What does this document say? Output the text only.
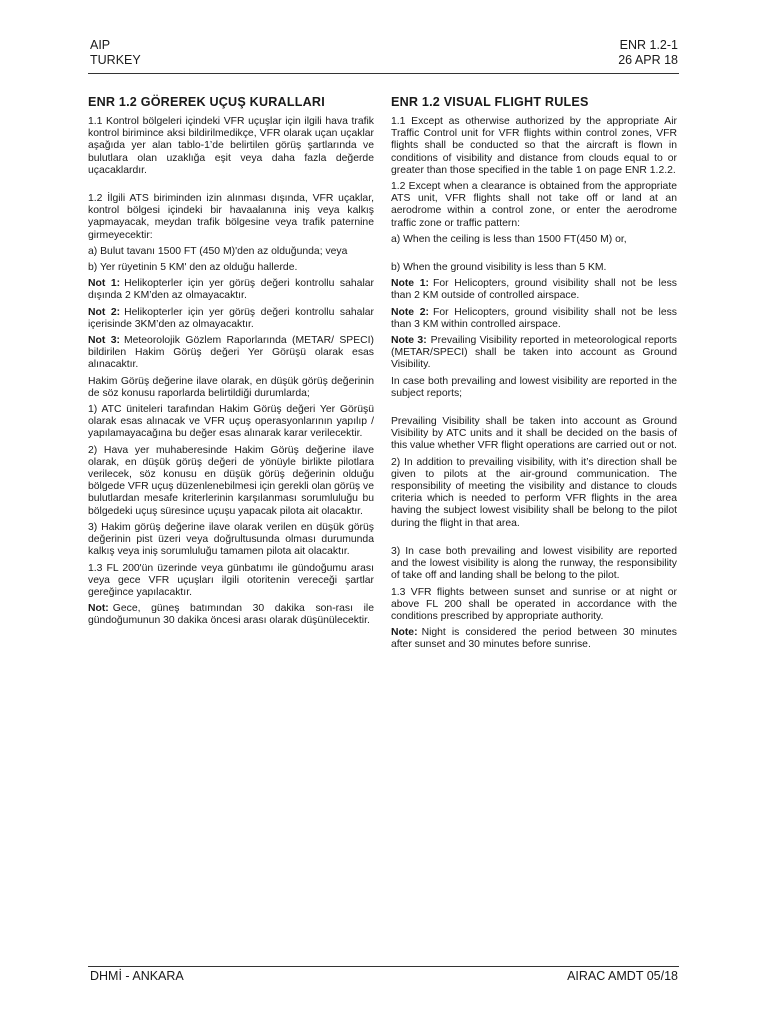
AIP
TURKEY
ENR 1.2-1
26 APR 18
ENR 1.2 GÖREREK UÇUŞ KURALLARI

1.1 Kontrol bölgeleri içindeki VFR uçuşlar için ilgili hava trafik kontrol birimince aksi bildirilmedikçe, VFR olarak uçan uçaklar aşağıda yer alan tablo-1’de belirtilen görüş şartlarında ve bulutlara olan uzaklığa eşit veya daha fazla değerde uçacaklardır.

1.2 İlgili ATS biriminden izin alınması dışında, VFR uçaklar, kontrol bölgesi içindeki bir havaalanına iniş veya kalkış yapmayacak, meydan trafik bölgesine veya trafik paternine girmeyecektir:

a) Bulut tavanı 1500 FT (450 M)'den az olduğunda; veya

b) Yer rüyetinin 5 KM' den az olduğu hallerde.

Not 1: Helikopterler için yer görüş değeri kontrollu sahalar dışında 2 KM’den az olmayacaktır.

Not 2: Helikopterler için yer görüş değeri kontrollu sahalar içerisinde 3KM’den az olmayacaktır.

Not 3: Meteorolojik Gözlem Raporlarında (METAR/ SPECI) bildirilen Hakim Görüş değeri Yer Görüşü olarak esas alınacaktır.

Hakim Görüş değerine ilave olarak, en düşük görüş değerinin de söz konusu raporlarda belirtildiği durumlarda;

1) ATC üniteleri tarafından Hakim Görüş değeri Yer Görüşü olarak esas alınacak ve VFR uçuş operasyonlarının yapılıp / yapılamayacağına bu değer esas alınarak karar verilecektir.

2) Hava yer muhaberesinde Hakim Görüş değerine ilave olarak, en düşük görüş değeri de yönüyle birlikte pilotlara verilecek, söz konusu en düşük görüş değerinin olduğu bölgede VFR uçuş düzenlenebilmesi için gerekli olan görüş ve bulutlardan mesafe kriterlerinin karşılanması sorumluluğu bu bölgedeki uçuş süresince uçuşu yapacak pilota ait olacaktır.

3) Hakim görüş değerine ilave olarak verilen en düşük görüş değerinin pist üzeri veya doğrultusunda olması durumunda kalkış veya iniş sorumluluğu tamamen pilota ait olacaktır.

1.3 FL 200'ün üzerinde veya günbatımı ile gündoğumu arası veya gece VFR uçuşları ilgili otoritenin vereceği şartlar gereğince yapılacaktır.

Not: Gece, güneş batımından 30 dakika son-rası ile gündoğumunun 30 dakika öncesi arası olarak düşünülecektir.

ENR 1.2 VISUAL FLIGHT RULES

1.1 Except as otherwise authorized by the appropriate Air Traffic Control unit for VFR flights within control zones, VFR flights shall be conducted so that the aircraft is flown in conditions of visibility and distance from clouds equal to or greater than those specified in the table 1 on page ENR 1.2.2.

1.2 Except when a clearance is obtained from the appropriate ATS unit, VFR flights shall not take off or land at an aerodrome within a control zone, or enter the aerodrome traffic zone or traffic pattern:

a) When the ceiling is less than 1500 FT(450 M) or,

b) When the ground visibility is less than 5 KM.

Note 1: For Helicopters, ground visibility shall not be less than 2 KM outside of controlled airspace.

Note 2: For Helicopters, ground visibility shall not be less than 3 KM within controlled airspace.

Note 3: Prevailing Visibility reported in meteorological reports (METAR/SPECI) shall be taken into account as Ground Visibility.

In case both prevailing and lowest visibility are reported in the subject reports;

Prevailing Visibility shall be taken into account as Ground Visibility by ATC units and it shall be decided on the basis of this value whether VFR flight operations are carried out or not.

2) In addition to prevailing visibility, with it’s direction shall be given to pilots at the air-ground communication. The responsibility of meeting the visibility and distance to clouds criteria which is needed to perform VFR flights in the area having the subject lowest visibility shall be belong to the pilot during the flight in that area.

3) In case both prevailing and lowest visibility are reported and the lowest visibility is along the runway, the responsibility of take off and landing shall be belong to the pilot.

1.3 VFR flights between sunset and sunrise or at night or above FL 200 shall be operated in accordance with the conditions prescribed by appropriate authority.

Note: Night is considered the period between 30 minutes after sunset and 30 minutes before sunrise.

DHMİ - ANKARA	AIRAC AMDT 05/18
